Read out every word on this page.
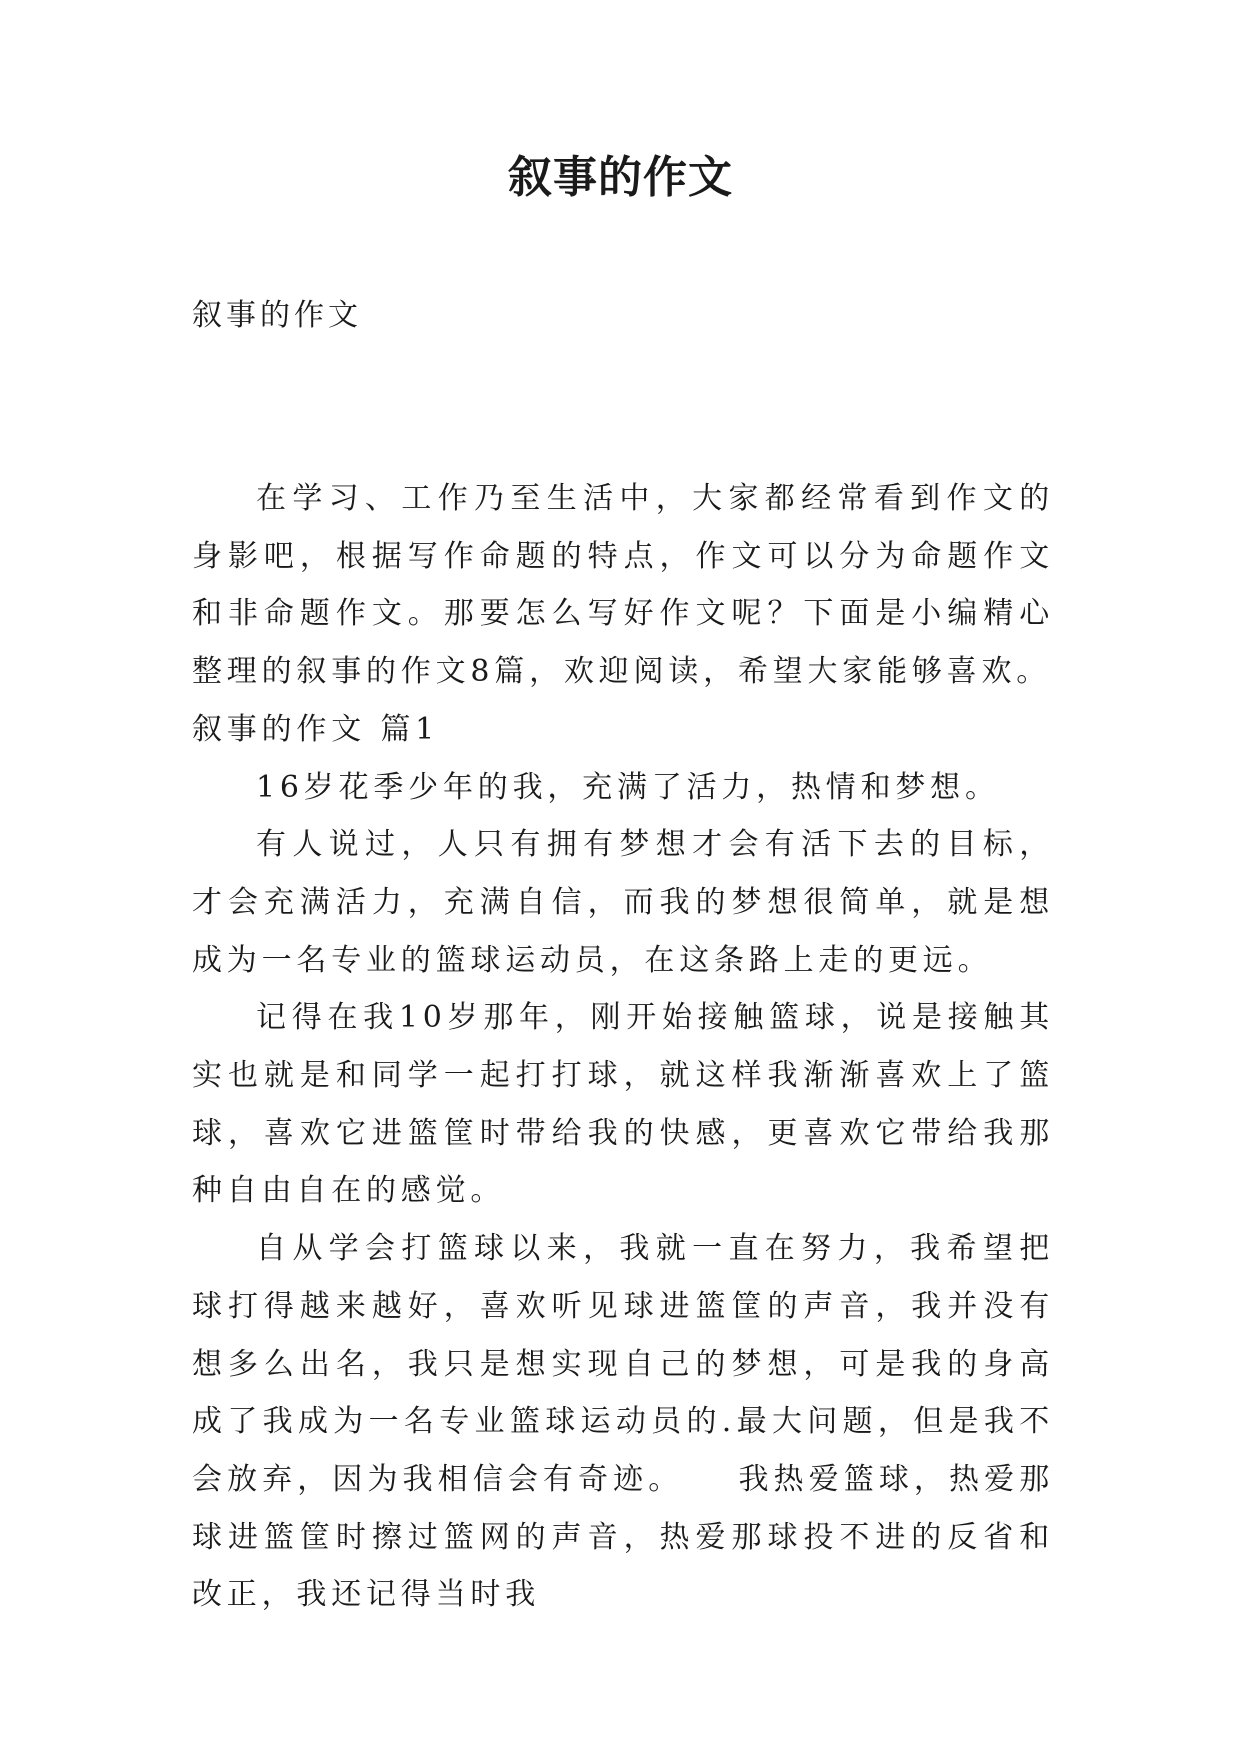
叙事的作文
叙事的作文

在学习、工作乃至生活中，大家都经常看到作文的身影吧，根据写作命题的特点，作文可以分为命题作文和非命题作文。那要怎么写好作文呢？下面是小编精心整理的叙事的作文8篇，欢迎阅读，希望大家能够喜欢。

叙事的作文 篇1

16岁花季少年的我，充满了活力，热情和梦想。

有人说过，人只有拥有梦想才会有活下去的目标，才会充满活力，充满自信，而我的梦想很简单，就是想成为一名专业的篮球运动员，在这条路上走的更远。

记得在我10岁那年，刚开始接触篮球，说是接触其实也就是和同学一起打打球，就这样我渐渐喜欢上了篮球，喜欢它进篮筐时带给我的快感，更喜欢它带给我那种自由自在的感觉。

自从学会打篮球以来，我就一直在努力，我希望把球打得越来越好，喜欢听见球进篮筐的声音，我并没有想多么出名，我只是想实现自己的梦想，可是我的身高成了我成为一名专业篮球运动员的.最大问题，但是我不会放弃，因为我相信会有奇迹。　　我热爱篮球，热爱那球进篮筐时擦过篮网的声音，热爱那球投不进的反省和改正，我还记得当时我
